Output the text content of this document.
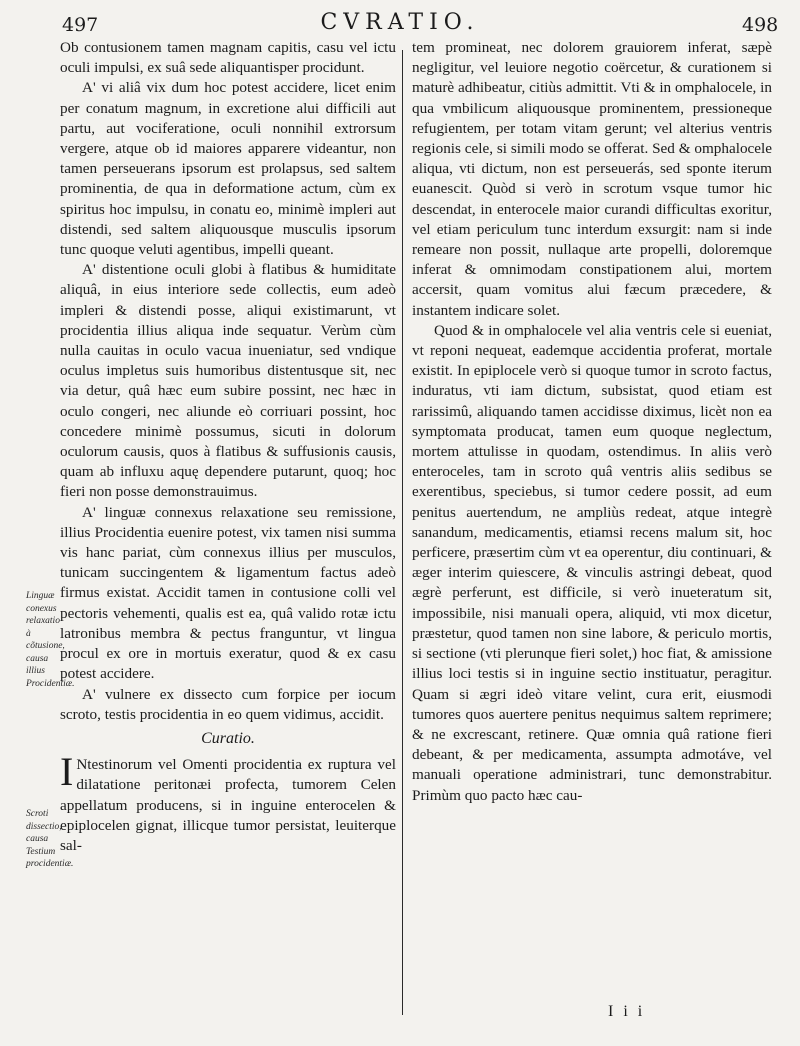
497	CVRATIO.	498

Ob contusionem tamen magnam capitis, casu vel ictu oculi impulsi, ex suâ sede aliquantisper procidunt.

A' vi aliâ vix dum hoc potest accidere, licet enim per conatum magnum, in excretione alui difficili aut partu, aut vociferatione, oculi nonnihil extrorsum vergere, atque ob id maiores apparere videantur, non tamen perseuerans ipsorum est prolapsus, sed saltem prominentia, de qua in deformatione actum, cùm ex spiritus hoc impulsu, in conatu eo, minimè impleri aut distendi, sed saltem aliquousque musculis ipsorum tunc quoque veluti agentibus, impelli queant.

A' distentione oculi globi à flatibus & humiditate aliquâ, in eius interiore sede collectis, eum adeò impleri & distendi posse, aliqui existimarunt, vt procidentia illius aliqua inde sequatur. Verùm cùm nulla cauitas in oculo vacua inueniatur, sed vndique oculus impletus suis humoribus distentusque sit, nec via detur, quâ hæc eum subire possint, nec hæc in oculo congeri, nec aliunde eò corriuari possint, hoc concedere minimè possumus, sicuti in dolorum oculorum causis, quos à flatibus & suffusionis causis, quam ab influxu aquę dependere putarunt, quoq; hoc fieri non posse demonstrauimus.

A' linguæ connexus relaxatione seu remissione, illius Procidentia euenire potest, vix tamen nisi summa vis hanc pariat, cùm connexus illius per musculos, tunicam succingentem & ligamentum factus adeò firmus existat. Accidit tamen in contusione colli vel pectoris vehementi, qualis est ea, quâ valido rotæ ictu latronibus membra & pectus franguntur, vt lingua procul ex ore in mortuis exeratur, quod & ex casu potest accidere.

A' vulnere ex dissecto cum forpice per iocum scroto, testis procidentia in eo quem vidimus, accidit.

Curatio.

INtestinorum vel Omenti procidentia ex ruptura vel dilatatione peritonæi profecta, tumorem Celen appellatum producens, si in inguine enterocelen & epiplocelen gignat, illicque tumor persistat, leuiterque sal-

tem promineat, nec dolorem grauiorem inferat, sæpè negligitur, vel leuiore negotio coërcetur, & curationem si maturè adhibeatur, citiùs admittit. Vti & in omphalocele, in qua vmbilicum aliquousque prominentem, pressioneque refugientem, per totam vitam gerunt; vel alterius ventris regionis cele, si simili modo se offerat. Sed & omphalocele aliqua, vti dictum, non est perseuerás, sed sponte iterum euanescit. Quòd si verò in scrotum vsque tumor hic descendat, in enterocele maior curandi difficultas exoritur, vel etiam periculum tunc interdum exsurgit: nam si inde remeare non possit, nullaque arte propelli, doloremque inferat & omnimodam constipationem alui, mortem accersit, quam vomitus alui fæcum præcedere, & instantem indicare solet.

Quod & in omphalocele vel alia ventris cele si eueniat, vt reponi nequeat, eademque accidentia proferat, mortale existit. In epiplocele verò si quoque tumor in scroto factus, induratus, vti iam dictum, subsistat, quod etiam est rarissimû, aliquando tamen accidisse diximus, licèt non ea symptomata producat, tamen eum quoque neglectum, mortem attulisse in quodam, ostendimus. In aliis verò enteroceles, tam in scroto quâ ventris aliis sedibus se exerentibus, speciebus, si tumor cedere possit, ad eum penitus auertendum, ne ampliùs redeat, atque integrè sanandum, medicamentis, etiamsi recens malum sit, hoc perficere, præsertim cùm vt ea operentur, diu continuari, & æger interim quiescere, & vinculis astringi debeat, quod ægrè perferunt, est difficile, si verò inueteratum sit, impossibile, nisi manuali opera, aliquid, vti mox dicetur, præstetur, quod tamen non sine labore, & periculo mortis, si sectione (vti plerunque fieri solet,) hoc fiat, & amissione illius loci testis si in inguine sectio instituatur, peragitur. Quam si ægri ideò vitare velint, cura erit, eiusmodi tumores quos auertere penitus nequimus saltem reprimere; & ne excrescant, retinere. Quæ omnia quâ ratione fieri debeant, & per medicamenta, assumpta admotáve, vel manuali operatione administrari, tunc demonstrabitur. Primùm quo pacto hæc cau-

Linguæ conexus relaxatio à cõtusione, causa illius Procidentiæ.
Scroti dissectio, causa Testium procidentiæ.
I i i
